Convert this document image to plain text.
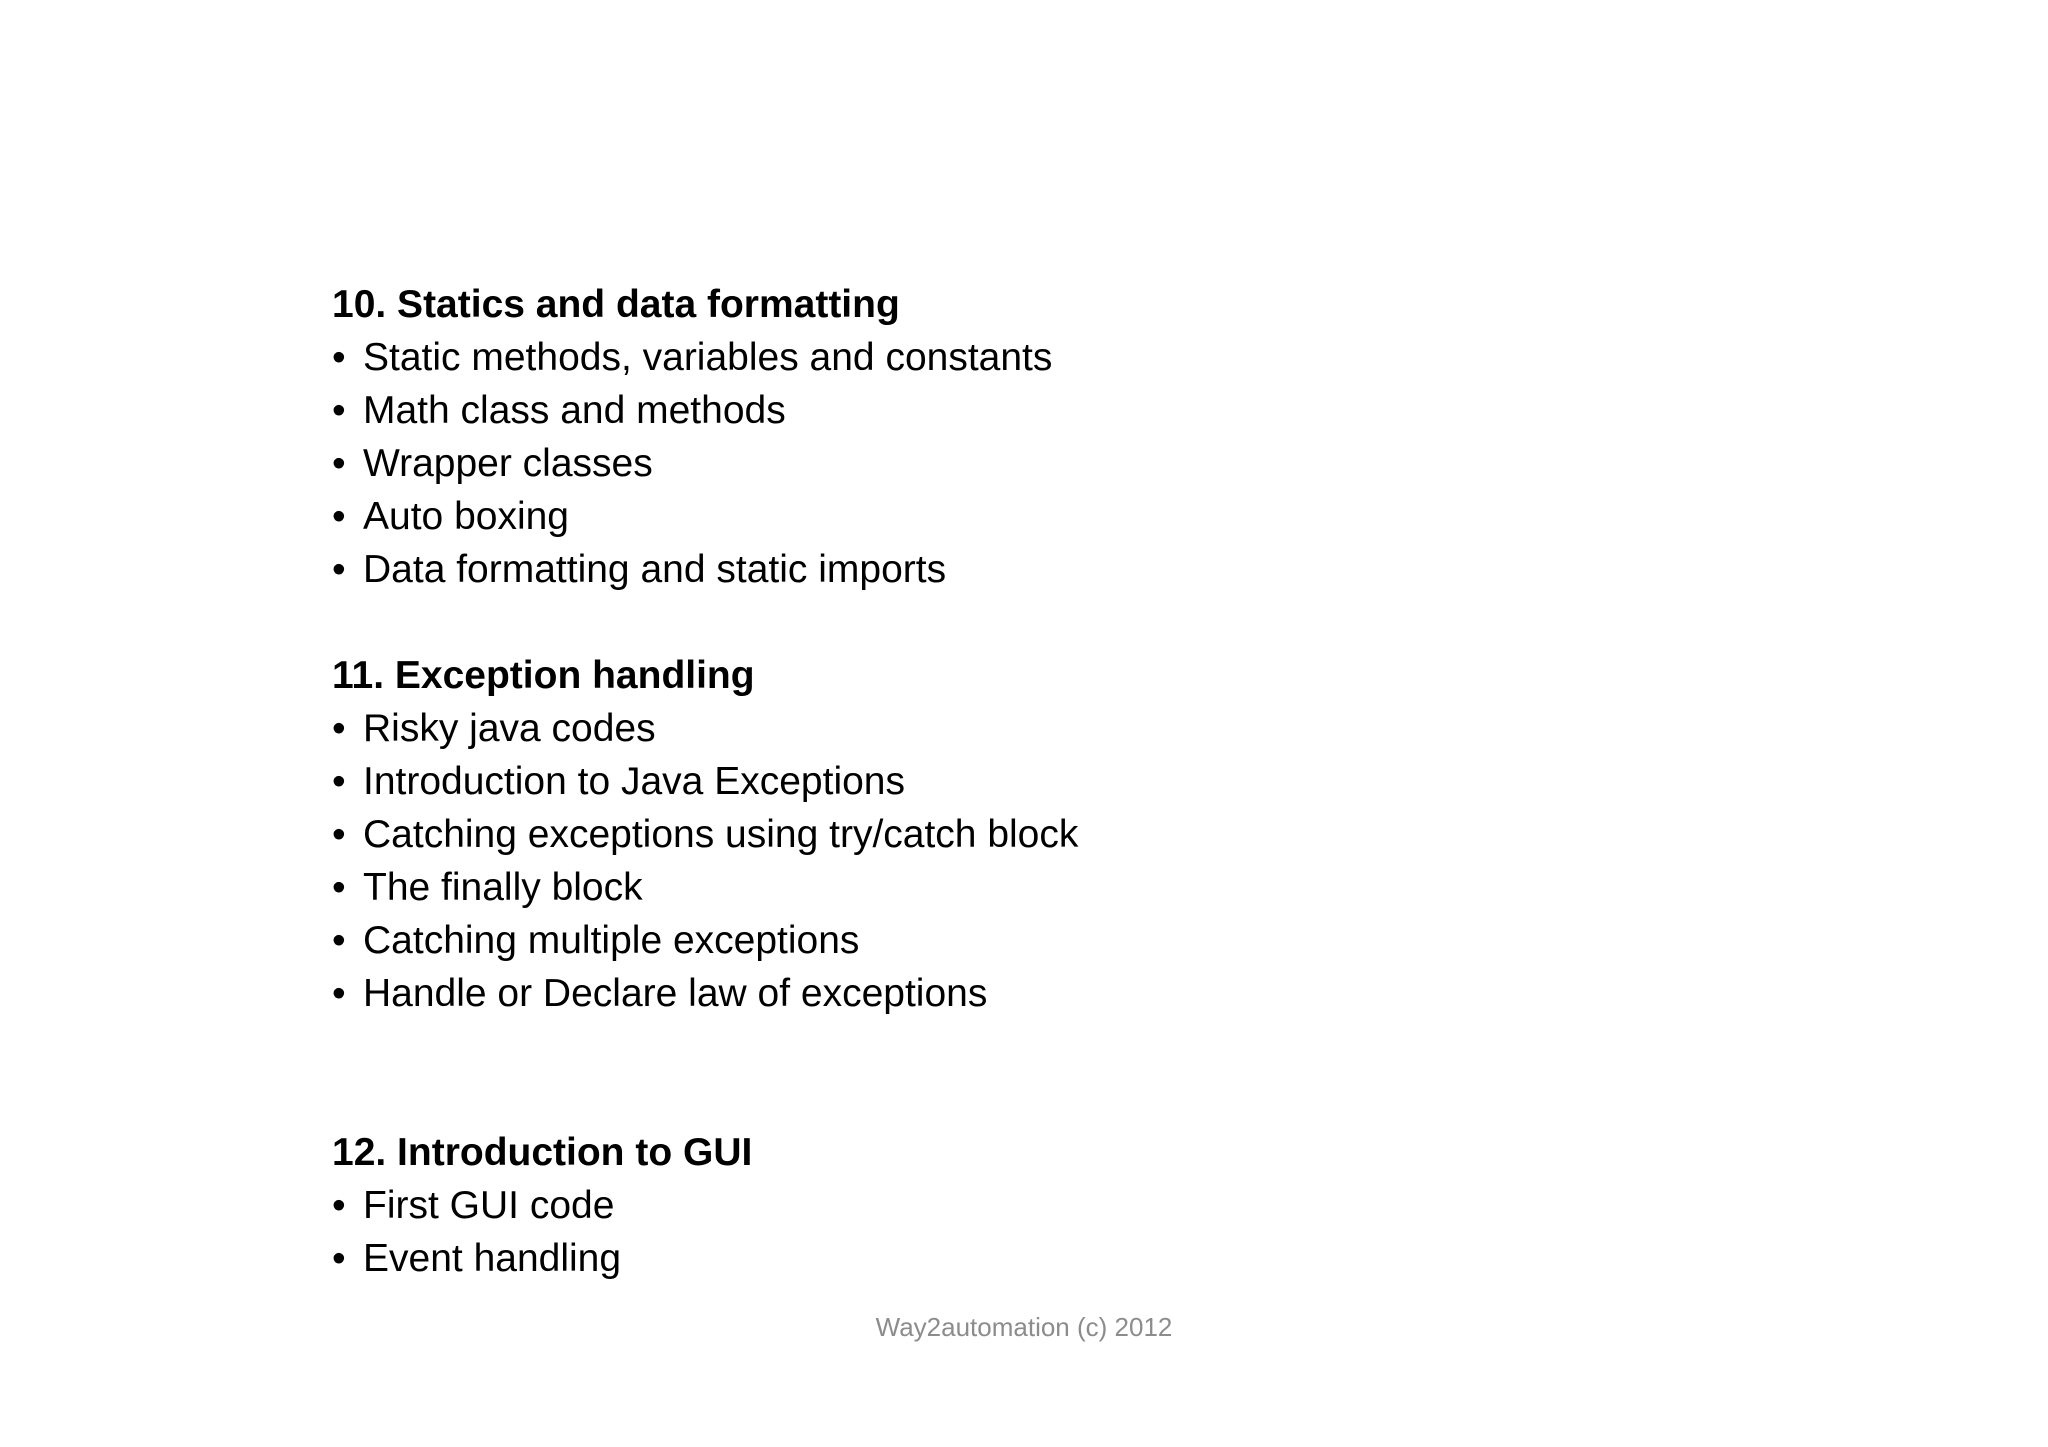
10. Statics and data formatting
• Static methods, variables and constants
• Math class and methods
• Wrapper classes
• Auto boxing
• Data formatting and static imports
11. Exception handling
• Risky java codes
• Introduction to Java Exceptions
• Catching exceptions using try/catch block
• The finally block
• Catching multiple exceptions
• Handle or Declare law of exceptions
12. Introduction to GUI
• First GUI code
• Event handling
Way2automation (c) 2012
